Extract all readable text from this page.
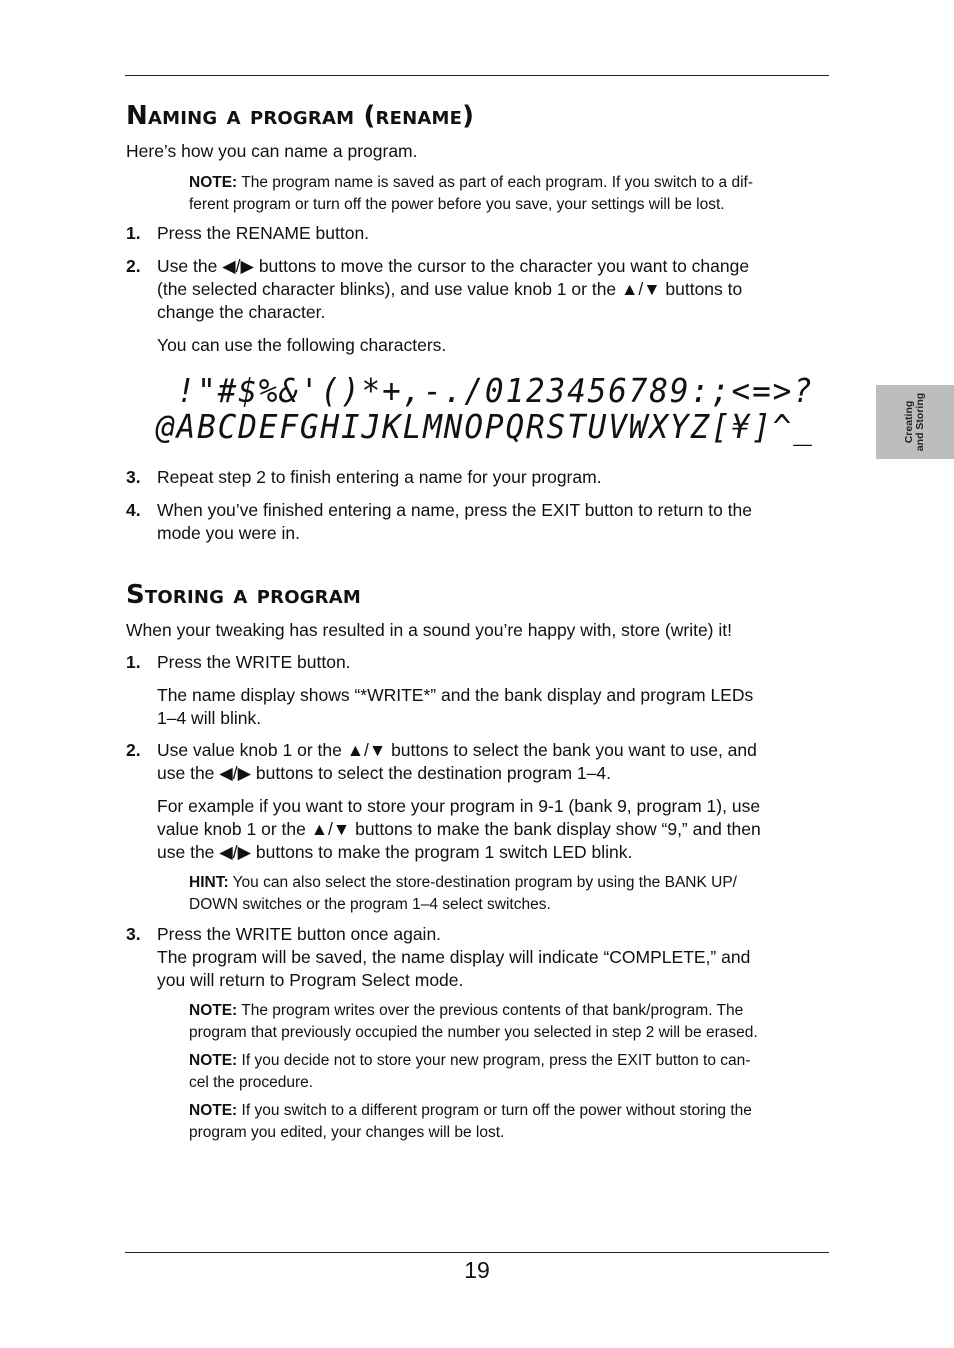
Creating and Storing
Naming a program (rename)

Here’s how you can name a program.

NOTE: The program name is saved as part of each program. If you switch to a dif-
ferent program or turn off the power before you save, your settings will be lost.
1. Press the RENAME button.
2. Use the ◀/▶ buttons to move the cursor to the character you want to change
(the selected character blinks), and use value knob 1 or the ▲/▼ buttons to
change the character.

You can use the following characters.

!"#$%&'()*+,-./0123456789:;<=>?
@ABCDEFGHIJKLMNOPQRSTUVWXYZ[¥]^_
3. Repeat step 2 to finish entering a name for your program.
4. When you’ve finished entering a name, press the EXIT button to return to the
mode you were in.
Storing a program

When your tweaking has resulted in a sound you’re happy with, store (write) it!

1. Press the WRITE button.
The name display shows “*WRITE*” and the bank display and program LEDs
1–4 will blink.
2. Use value knob 1 or the ▲/▼ buttons to select the bank you want to use, and
use the ◀/▶ buttons to select the destination program 1–4.
For example if you want to store your program in 9-1 (bank 9, program 1), use
value knob 1 or the ▲/▼ buttons to make the bank display show “9,” and then
use the ◀/▶ buttons to make the program 1 switch LED blink.
HINT: You can also select the store-destination program by using the BANK UP/
DOWN switches or the program 1–4 select switches.
3. Press the WRITE button once again.
The program will be saved, the name display will indicate “COMPLETE,” and
you will return to Program Select mode.
NOTE: The program writes over the previous contents of that bank/program. The
program that previously occupied the number you selected in step 2 will be erased.
NOTE: If you decide not to store your new program, press the EXIT button to can-
cel the procedure.
NOTE: If you switch to a different program or turn off the power without storing the
program you edited, your changes will be lost.
19
